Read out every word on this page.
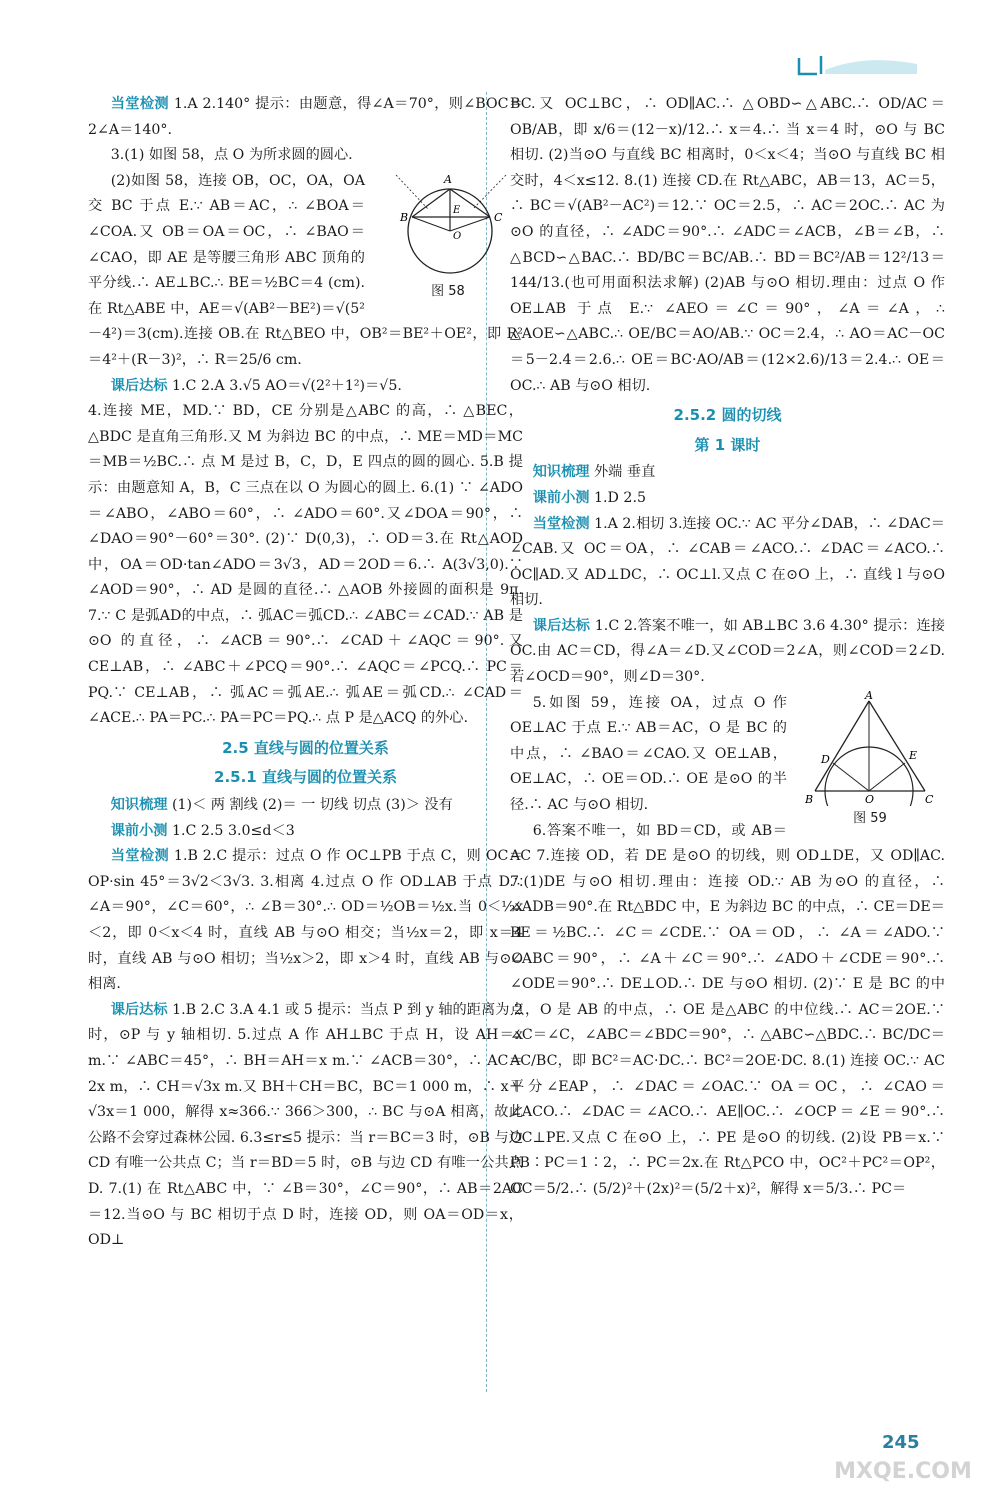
当堂检测 1.A 2.140° 提示：由题意，得∠A＝70°，则∠BOC＝2∠A＝140°.

3.(1) 如图 58，点 O 为所求圆的圆心.

A
B	C
E
O
图 58

(2)如图 58，连接 OB，OC，OA，OA 交 BC 于点 E.∵ AB＝AC，∴ ∠BOA＝∠COA.又 OB＝OA＝OC，∴ ∠BAO＝∠CAO，即 AE 是等腰三角形 ABC 顶角的平分线.∴ AE⊥BC.∴ BE＝½BC＝4 (cm).在 Rt△ABE 中，AE＝√(AB²－BE²)＝√(5²－4²)＝3(cm).连接 OB.在 Rt△BEO 中，OB²＝BE²＋OE²，即 R²＝4²＋(R－3)²，∴ R＝25/6 cm.

课后达标 1.C 2.A 3.√5 AO＝√(2²＋1²)＝√5.

4.连接 ME，MD.∵ BD，CE 分别是△ABC 的高，∴ △BEC，△BDC 是直角三角形.又 M 为斜边 BC 的中点，∴ ME＝MD＝MC＝MB＝½BC.∴ 点 M 是过 B，C，D，E 四点的圆的圆心. 5.B 提示：由题意知 A，B，C 三点在以 O 为圆心的圆上. 6.(1) ∵ ∠ADO＝∠ABO，∠ABO＝60°，∴ ∠ADO＝60°.又∠DOA＝90°，∴ ∠DAO＝90°－60°＝30°. (2)∵ D(0,3)，∴ OD＝3.在 Rt△AOD 中，OA＝OD·tan∠ADO＝3√3，AD＝2OD＝6.∴ A(3√3,0).∵ ∠AOD＝90°，∴ AD 是圆的直径.∴ △AOB 外接圆的面积是 9π. 7.∵ C 是弧AD的中点，∴ 弧AC＝弧CD.∴ ∠ABC＝∠CAD.∵ AB 是⊙O 的直径，∴ ∠ACB＝90°.∴ ∠CAD＋∠AQC＝90°.又 CE⊥AB，∴ ∠ABC＋∠PCQ＝90°.∴ ∠AQC＝∠PCQ.∴ PC＝PQ.∵ CE⊥AB，∴ 弧AC＝弧AE.∴ 弧AE＝弧CD.∴ ∠CAD＝∠ACE.∴ PA＝PC.∴ PA＝PC＝PQ.∴ 点 P 是△ACQ 的外心.

2.5 直线与圆的位置关系
2.5.1 直线与圆的位置关系

知识梳理 (1)＜ 两 割线 (2)＝ 一 切线 切点 (3)＞ 没有

课前小测 1.C 2.5 3.0≤d＜3

当堂检测 1.B 2.C 提示：过点 O 作 OC⊥PB 于点 C，则 OC＝OP·sin 45°＝3√2＜3√3. 3.相离 4.过点 O 作 OD⊥AB 于点 D.∵ ∠A＝90°，∠C＝60°，∴ ∠B＝30°.∴ OD＝½OB＝½x.当 0＜½x＜2，即 0＜x＜4 时，直线 AB 与⊙O 相交；当½x＝2，即 x＝4 时，直线 AB 与⊙O 相切；当½x＞2，即 x＞4 时，直线 AB 与⊙O 相离.

课后达标 1.B 2.C 3.A 4.1 或 5 提示：当点 P 到 y 轴的距离为 2 时，⊙P 与 y 轴相切. 5.过点 A 作 AH⊥BC 于点 H，设 AH＝x m.∵ ∠ABC＝45°，∴ BH＝AH＝x m.∵ ∠ACB＝30°，∴ AC＝2x m，∴ CH＝√3x m.又 BH＋CH＝BC，BC＝1 000 m，∴ x＋√3x＝1 000，解得 x≈366.∵ 366＞300，∴ BC 与⊙A 相离，故此公路不会穿过森林公园. 6.3≤r≤5 提示：当 r＝BC＝3 时，⊙B 与边 CD 有唯一公共点 C；当 r＝BD＝5 时，⊙B 与边 CD 有唯一公共点 D. 7.(1) 在 Rt△ABC 中，∵ ∠B＝30°，∠C＝90°，∴ AB＝2AC＝12.当⊙O 与 BC 相切于点 D 时，连接 OD，则 OA＝OD＝x，OD⊥

BC.又 OC⊥BC，∴ OD∥AC.∴ △OBD∽△ABC.∴ OD/AC＝OB/AB，即 x/6＝(12－x)/12.∴ x＝4.∴ 当 x＝4 时，⊙O 与 BC 相切. (2)当⊙O 与直线 BC 相离时，0＜x＜4；当⊙O 与直线 BC 相交时，4＜x≤12. 8.(1) 连接 CD.在 Rt△ABC，AB＝13，AC＝5，∴ BC＝√(AB²－AC²)＝12.∵ OC＝2.5，∴ AC＝2OC.∴ AC 为⊙O 的直径，∴ ∠ADC＝90°.∴ ∠ADC＝∠ACB，∠B＝∠B，∴ △BCD∽△BAC.∴ BD/BC＝BC/AB.∴ BD＝BC²/AB＝12²/13＝144/13.(也可用面积法求解) (2)AB 与⊙O 相切.理由：过点 O 作 OE⊥AB 于点 E.∵ ∠AEO＝∠C＝90°，∠A＝∠A，∴ △AOE∽△ABC.∴ OE/BC＝AO/AB.∵ OC＝2.4，∴ AO＝AC－OC＝5－2.4＝2.6.∴ OE＝BC·AO/AB＝(12×2.6)/13＝2.4.∴ OE＝OC.∴ AB 与⊙O 相切.

2.5.2 圆的切线
第 1 课时

知识梳理 外端 垂直

课前小测 1.D 2.5

当堂检测 1.A 2.相切 3.连接 OC.∵ AC 平分∠DAB，∴ ∠DAC＝∠CAB.又 OC＝OA，∴ ∠CAB＝∠ACO.∴ ∠DAC＝∠ACO.∴ OC∥AD.又 AD⊥DC，∴ OC⊥l.又点 C 在⊙O 上，∴ 直线 l 与⊙O 相切.

课后达标 1.C 2.答案不唯一，如 AB⊥BC 3.6 4.30° 提示：连接 OC.由 AC＝CD，得∠A＝∠D.又∠COD＝2∠A，则∠COD＝2∠D.若∠OCD＝90°，则∠D＝30°.

A
D	E
B	O	C
图 59

5.如图 59，连接 OA，过点 O 作 OE⊥AC 于点 E.∵ AB＝AC，O 是 BC 的中点，∴ ∠BAO＝∠CAO.又 OE⊥AB，OE⊥AC，∴ OE＝OD.∴ OE 是⊙O 的半径.∴ AC 与⊙O 相切.

6.答案不唯一，如 BD＝CD，或 AB＝AC 7.连接 OD，若 DE 是⊙O 的切线，则 OD⊥DE，又 OD∥AC. 7.(1)DE 与⊙O 相切.理由：连接 OD.∵ AB 为⊙O 的直径，∴ ∠ADB＝90°.在 Rt△BDC 中，E 为斜边 BC 的中点，∴ CE＝DE＝BE＝½BC.∴ ∠C＝∠CDE.∵ OA＝OD，∴ ∠A＝∠ADO.∵ ∠ABC＝90°，∴ ∠A＋∠C＝90°.∴ ∠ADO＋∠CDE＝90°.∴ ∠ODE＝90°.∴ DE⊥OD.∴ DE 与⊙O 相切. (2)∵ E 是 BC 的中点，O 是 AB 的中点，∴ OE 是△ABC 的中位线.∴ AC＝2OE.∵ ∠C＝∠C，∠ABC＝∠BDC＝90°，∴ △ABC∽△BDC.∴ BC/DC＝AC/BC，即 BC²＝AC·DC.∴ BC²＝2OE·DC. 8.(1) 连接 OC.∵ AC 平分∠EAP，∴ ∠DAC＝∠OAC.∵ OA＝OC，∴ ∠CAO＝∠ACO.∴ ∠DAC＝∠ACO.∴ AE∥OC.∴ ∠OCP＝∠E＝90°.∴ OC⊥PE.又点 C 在⊙O 上，∴ PE 是⊙O 的切线. (2)设 PB＝x.∵ PB∶PC＝1∶2，∴ PC＝2x.在 Rt△PCO 中，OC²＋PC²＝OP²，OC＝5/2.∴ (5/2)²＋(2x)²＝(5/2＋x)²，解得 x＝5/3.∴ PC＝

245
MXQE.COM
